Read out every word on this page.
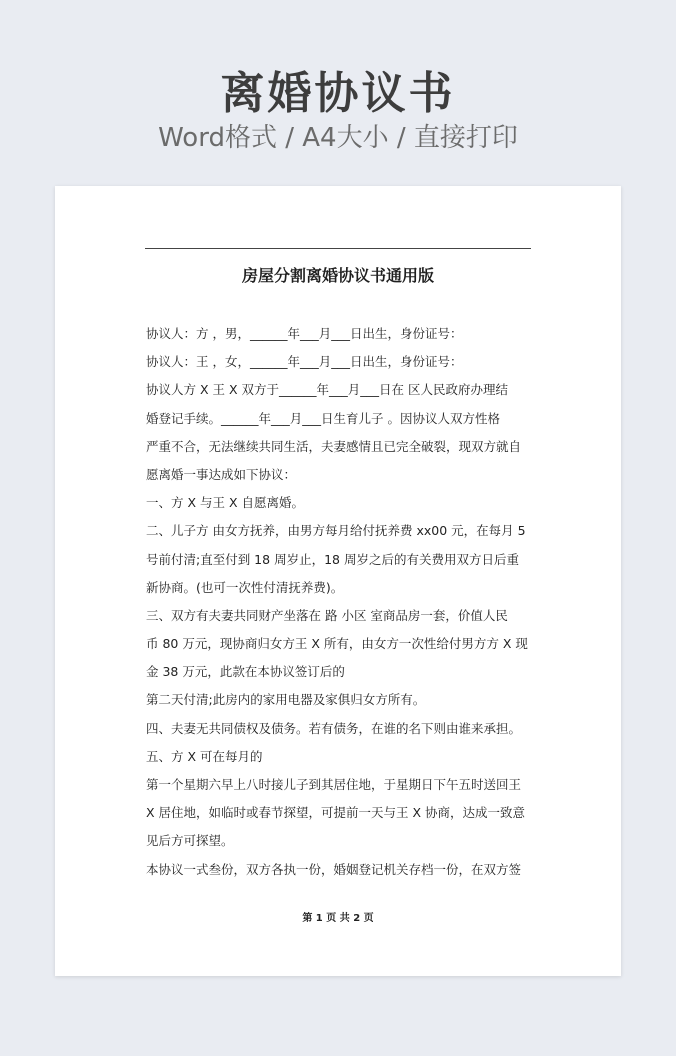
离婚协议书
Word格式 / A4大小 / 直接打印
房屋分割离婚协议书通用版
协议人：方 ，男，______年___月___日出生，身份证号：
协议人：王 ，女，______年___月___日出生，身份证号：
协议人方 X 王 X 双方于______年___月___日在 区人民政府办理结
婚登记手续。______年___月___日生育儿子 。因协议人双方性格
严重不合，无法继续共同生活，夫妻感情且已完全破裂，现双方就自
愿离婚一事达成如下协议：
一、方 X 与王 X 自愿离婚。
二、儿子方 由女方抚养，由男方每月给付抚养费 xx00 元，在每月 5
号前付清;直至付到 18 周岁止，18 周岁之后的有关费用双方日后重
新协商。(也可一次性付清抚养费)。
三、双方有夫妻共同财产坐落在 路 小区 室商品房一套，价值人民
币 80 万元，现协商归女方王 X 所有，由女方一次性给付男方方 X 现
金 38 万元，此款在本协议签订后的
第二天付清;此房内的家用电器及家俱归女方所有。
四、夫妻无共同债权及债务。若有债务，在谁的名下则由谁来承担。
五、方 X 可在每月的
第一个星期六早上八时接儿子到其居住地，于星期日下午五时送回王
X 居住地，如临时或春节探望，可提前一天与王 X 协商，达成一致意
见后方可探望。
本协议一式叁份，双方各执一份，婚姻登记机关存档一份，在双方签
第 1 页 共 2 页
